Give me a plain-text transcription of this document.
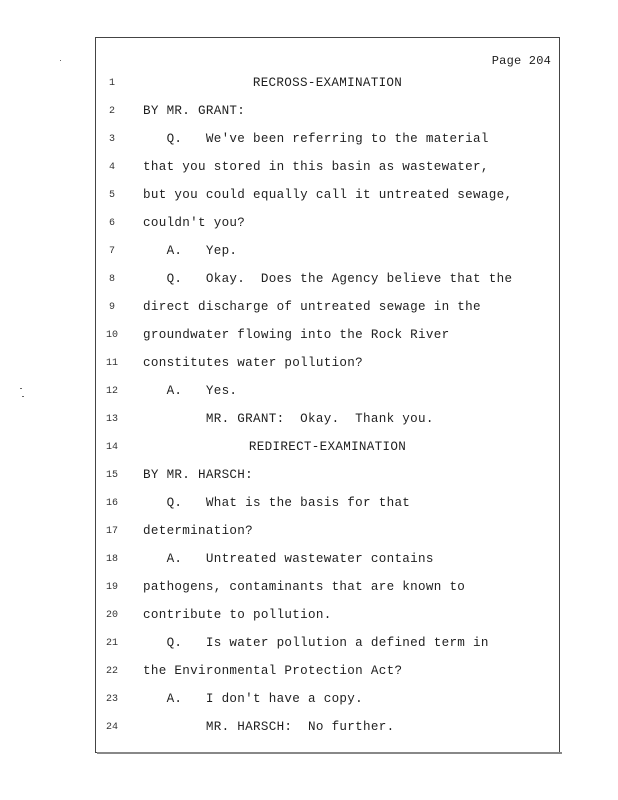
Page 204
1	RECROSS-EXAMINATION
2	BY MR. GRANT:
3	Q.   We've been referring to the material
4	that you stored in this basin as wastewater,
5	but you could equally call it untreated sewage,
6	couldn't you?
7	A.   Yep.
8	Q.   Okay.  Does the Agency believe that the
9	direct discharge of untreated sewage in the
10	groundwater flowing into the Rock River
11	constitutes water pollution?
12	A.   Yes.
13	MR. GRANT:  Okay.  Thank you.
14	REDIRECT-EXAMINATION
15	BY MR. HARSCH:
16	Q.   What is the basis for that
17	determination?
18	A.   Untreated wastewater contains
19	pathogens, contaminants that are known to
20	contribute to pollution.
21	Q.   Is water pollution a defined term in
22	the Environmental Protection Act?
23	A.   I don't have a copy.
24	MR. HARSCH:  No further.
